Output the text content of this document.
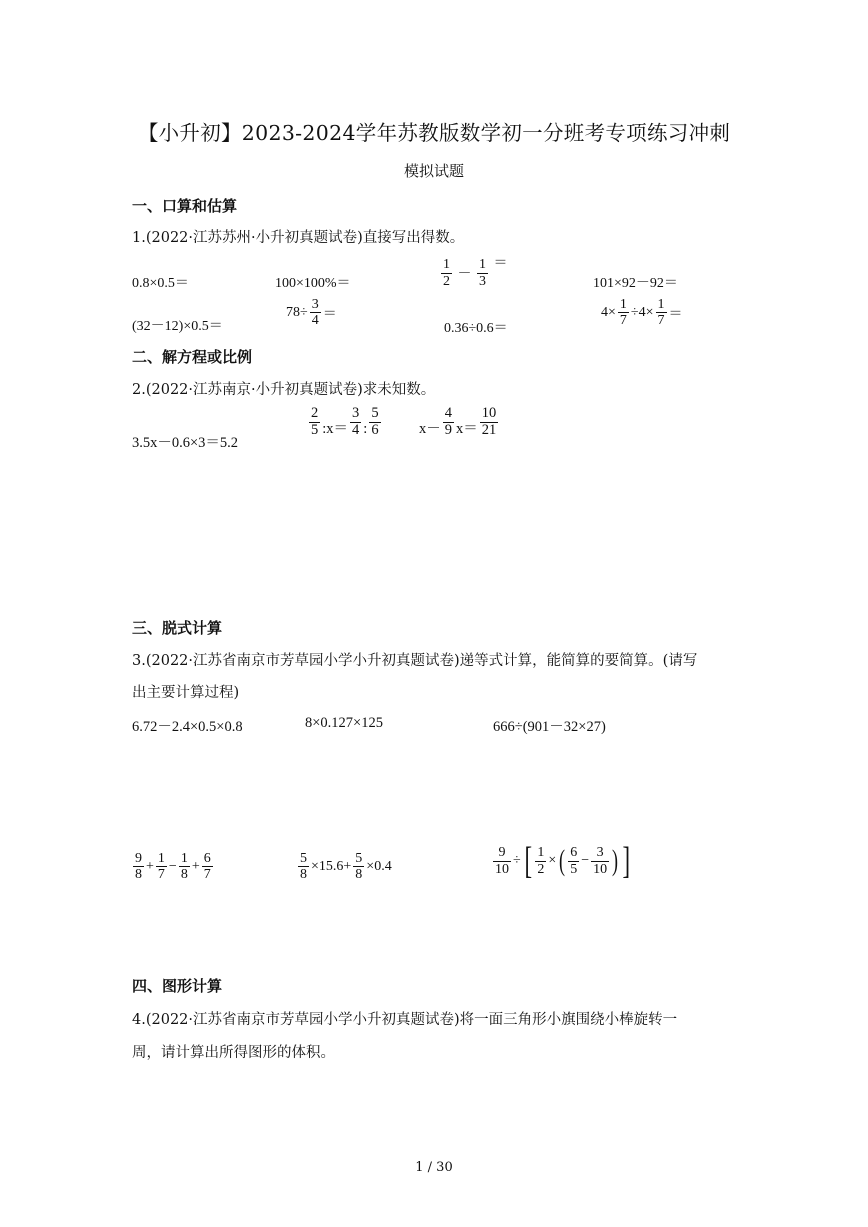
【小升初】2023-2024学年苏教版数学初一分班考专项练习冲刺
模拟试题
一、口算和估算
1.(2022·江苏苏州·小升初真题试卷)直接写出得数。
0.8×0.5＝	100×100%＝	$\frac{1}{2} - \frac{1}{3}$ ＝
101×92－92＝
(32－12)×0.5＝
$78\div \frac{3}{4}$ ＝
0.36÷0.6＝
$4\times \frac{1}{7} \div 4\times \frac{1}{7}$ ＝
二、解方程或比例
2.(2022·江苏南京·小升初真题试卷)求未知数。
3.5x－0.6×3＝5.2
$\frac{2}{5}$ :x＝ $\frac{3}{4}$ : $\frac{5}{6}$	$x- \frac{4}{9} x= \frac{10}{21}$
三、脱式计算
3.(2022·江苏省南京市芳草园小学小升初真题试卷)递等式计算，能简算的要简算。(请写
出主要计算过程)
6.72－2.4×0.5×0.8	8×0.127×125	666÷(901－32×27)
$\frac{9}{8} + \frac{1}{7} - \frac{1}{8} + \frac{6}{7}$	$\frac{5}{8} \times 15.6+ \frac{5}{8} \times 0.4$	$\frac{9}{10}$ ÷[ $\frac{1}{2}$ × ( $\frac{6}{5} - \frac{3}{10}$ ) ]
四、图形计算
4.(2022·江苏省南京市芳草园小学小升初真题试卷)将一面三角形小旗围绕小棒旋转一
周，请计算出所得图形的体积。
1 / 30
